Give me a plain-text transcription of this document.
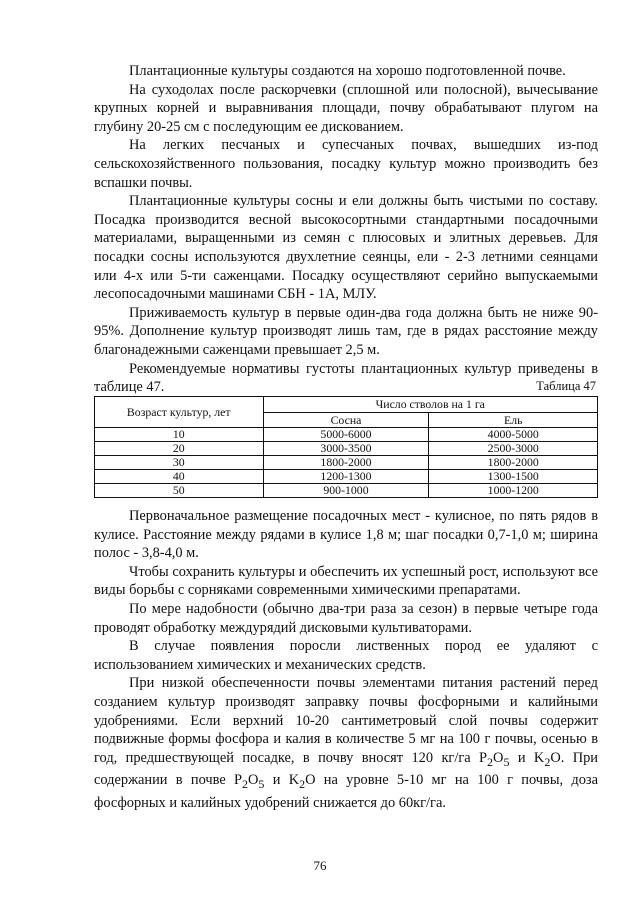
Плантационные культуры создаются на хорошо подготовленной почве.

На суходолах после раскорчевки (сплошной или полосной), вычесывание крупных корней и выравнивания площади, почву обрабатывают плугом на глубину 20-25 см с последующим ее дискованием.

На легких песчаных и супесчаных почвах, вышедших из-под сельскохозяйственного пользования, посадку культур можно производить без вспашки почвы.

Плантационные культуры сосны и ели должны быть чистыми по составу. Посадка производится весной высокосортными стандартными посадочными материалами, выращенными из семян с плюсовых и элитных деревьев. Для посадки сосны используются двухлетние сеянцы, ели - 2-3 летними сеянцами или 4-х или 5-ти саженцами. Посадку осуществляют серийно выпускаемыми лесопосадочными машинами СБН - 1А, МЛУ.

Приживаемость культур в первые один-два года должна быть не ниже 90-95%. Дополнение культур производят лишь там, где в рядах расстояние между благонадежными саженцами превышает 2,5 м.

Рекомендуемые нормативы густоты плантационных культур приведены в таблице 47.	Таблица 47
Возраст культур, лет	Число стволов на 1 га	
	Сосна	Ель
10	5000-6000	4000-5000
20	3000-3500	2500-3000
30	1800-2000	1800-2000
40	1200-1300	1300-1500
50	900-1000	1000-1200

Первоначальное размещение посадочных мест - кулисное, по пять рядов в кулисе. Расстояние между рядами в кулисе 1,8 м; шаг посадки 0,7-1,0 м; ширина полос - 3,8-4,0 м.

Чтобы сохранить культуры и обеспечить их успешный рост, используют все виды борьбы с сорняками современными химическими препаратами.

По мере надобности (обычно два-три раза за сезон) в первые четыре года проводят обработку междурядий дисковыми культиваторами.

В случае появления поросли лиственных пород ее удаляют с использованием химических и механических средств.

При низкой обеспеченности почвы элементами питания растений перед созданием культур производят заправку почвы фосфорными и калийными удобрениями. Если верхний 10-20 сантиметровый слой почвы содержит подвижные формы фосфора и калия в количестве 5 мг на 100 г почвы, осенью в год, предшествующей посадке, в почву вносят 120 кг/га $P_2O_5$ и $K_2O$. При содержании в почве $P_2O_5$ и $K_2O$ на уровне 5-10 мг на 100 г почвы, доза фосфорных и калийных удобрений снижается до 60кг/га.

76
